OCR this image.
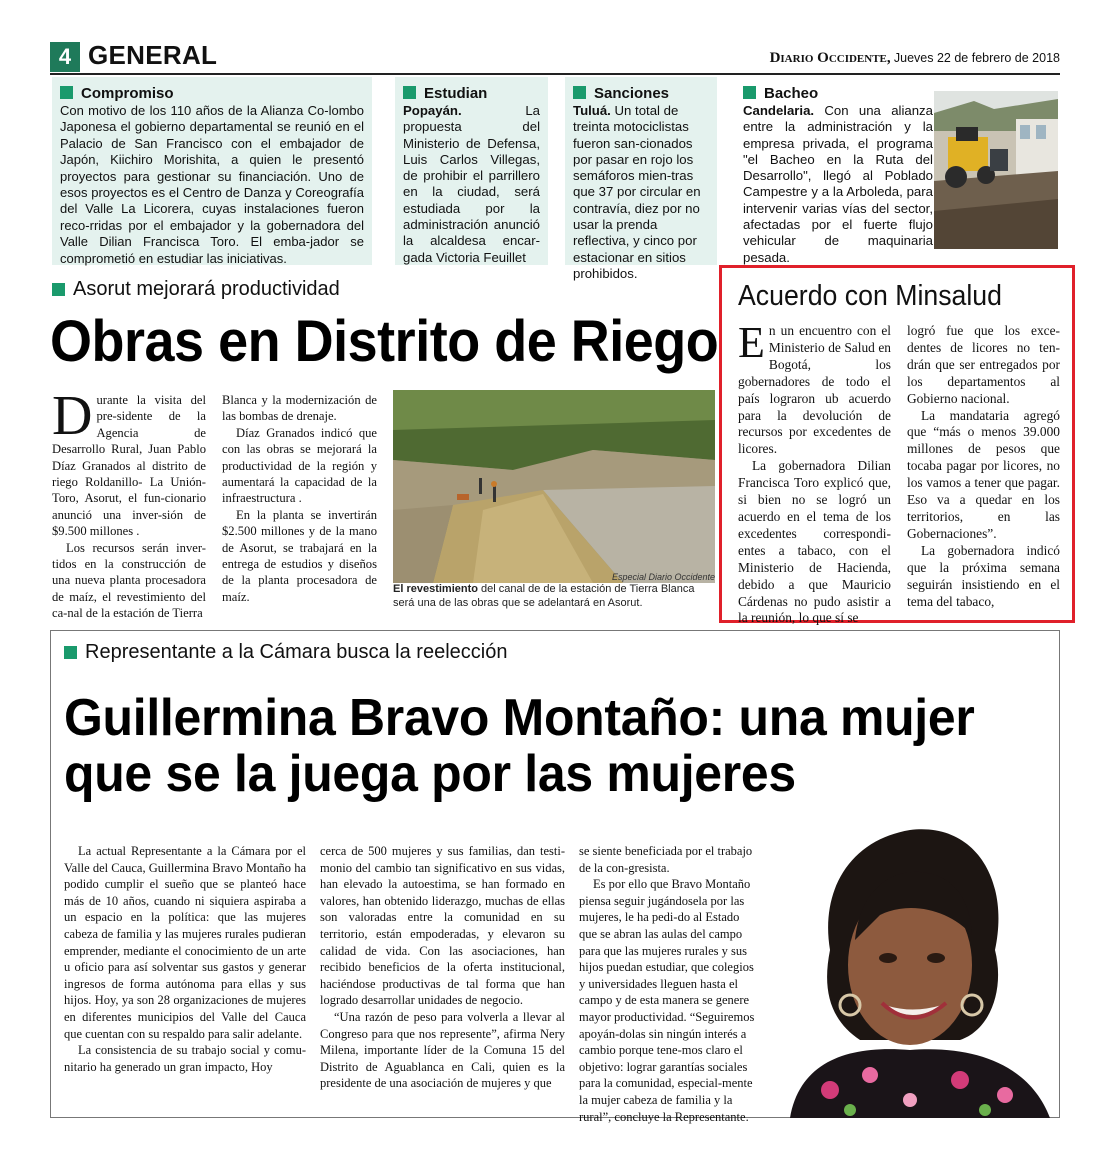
4 GENERAL	Diario Occidente, Jueves 22 de febrero de 2018
Compromiso
Con motivo de los 110 años de la Alianza Co-lombo Japonesa el gobierno departamental se reunió en el Palacio de San Francisco con el embajador de Japón, Kiichiro Morishita, a quien le presentó proyectos para gestionar su financiación. Uno de esos proyectos es el Centro de Danza y Coreografía del Valle La Licorera, cuyas instalaciones fueron reco-rridas por el embajador y la gobernadora del Valle Dilian Francisca Toro. El emba-jador se comprometió en estudiar las iniciativas.
Estudian
Popayán.	La propuesta del Ministerio de Defensa, Luis Carlos Villegas, de prohibir el parrillero en la ciudad, será estudiada por la administración anunció la alcaldesa encar-gada Victoria Feuillet
Sanciones
Tuluá. Un total de treinta motociclistas fueron san-cionados por pasar en rojo los semáforos mien-tras que 37 por circular en contravía, diez por no usar la prenda reflectiva, y cinco por estacionar en sitios prohibidos.
Bacheo
Candelaria. Con una alianza entre la administración y la empresa privada, el programa "el Bacheo en la Ruta del Desarrollo", llegó al Poblado Campestre y a la Arboleda, para intervenir varias vías del sector, afectadas por el fuerte flujo vehicular de maquinaria pesada.
Asorut mejorará productividad
Obras en Distrito de Riego

Durante la visita del pre-sidente de la Agencia de Desarrollo Rural, Juan Pablo Díaz Granados al distrito de riego Roldanillo- La Unión- Toro, Asorut, el fun-cionario anunció una inver-sión de $9.500 millones .

Los recursos serán inver-tidos en la construcción de una nueva planta procesadora de maíz, el revestimiento del ca-nal de la estación de Tierra

Blanca y la modernización de las bombas de drenaje.

Díaz Granados indicó que con las obras se mejorará la productividad de la región y aumentará la capacidad de la infraestructura .

En la planta se invertirán $2.500 millones y de la mano de Asorut, se trabajará en la entrega de estudios y diseños de la planta procesadora de maíz.

Especial Diario Occidente
El revestimiento del canal de de la estación de Tierra Blanca será una de las obras que se adelantará en Asorut.
Acuerdo con Minsalud

En un encuentro con el Ministerio de Salud en Bogotá, los gobernadores de todo el país lograron ub acuerdo para la devolución de recursos por excedentes de licores.

La gobernadora Dilian Francisca Toro explicó que, si bien no se logró un acuerdo en el tema de los excedentes correspondi-entes a tabaco, con el Ministerio de Hacienda, debido a que Mauricio Cárdenas no pudo asistir a la reunión, lo que sí se

logró fue que los exce-dentes de licores no ten-drán que ser entregados por los departamentos al Gobierno nacional.

La mandataria agregó que “más o menos 39.000 millones de pesos que tocaba pagar por licores, no los vamos a tener que pagar. Eso va a quedar en los territorios, en las Gobernaciones”.

La gobernadora indicó que la próxima semana seguirán insistiendo en el tema del tabaco,

Representante a la Cámara busca la reelección
Guillermina Bravo Montaño: una mujer que se la juega por las mujeres

La actual Representante a la Cámara por el Valle del Cauca, Guillermina Bravo Montaño ha podido cumplir el sueño que se planteó hace más de 10 años, cuando ni siquiera aspiraba a un espacio en la política: que las mujeres cabeza de familia y las mujeres rurales pudieran emprender, mediante el conocimiento de un arte u oficio para así solventar sus gastos y generar ingresos de forma autónoma para ellas y sus hijos. Hoy, ya son 28 organizaciones de mujeres en diferentes municipios del Valle del Cauca que cuentan con su respaldo para salir adelante.

La consistencia de su trabajo social y comu-nitario ha generado un gran impacto, Hoy

cerca de 500 mujeres y sus familias, dan testi-monio del cambio tan significativo en sus vidas, han elevado la autoestima, se han formado en valores, han obtenido liderazgo, muchas de ellas son valoradas entre la comunidad en su territorio, están empoderadas, y elevaron su calidad de vida. Con las asociaciones, han recibido beneficios de la oferta institucional, haciéndose productivas de tal forma que han logrado desarrollar unidades de negocio.

“Una razón de peso para volverla a llevar al Congreso para que nos represente”, afirma Nery Milena, importante líder de la Comuna 15 del Distrito de Aguablanca en Cali, quien es la presidente de una asociación de mujeres y que

se siente beneficiada por el trabajo de la con-gresista.

Es por ello que Bravo Montaño piensa seguir jugándosela por las mujeres, le ha pedi-do al Estado que se abran las aulas del campo para que las mujeres rurales y sus hijos puedan estudiar, que colegios y universidades lleguen hasta el campo y de esta manera se genere mayor productividad. “Seguiremos apoyán-dolas sin ningún interés a cambio porque tene-mos claro el objetivo: lograr garantías sociales para la comunidad, especial-mente la mujer cabeza de familia y la rural”, concluye la Representante.
